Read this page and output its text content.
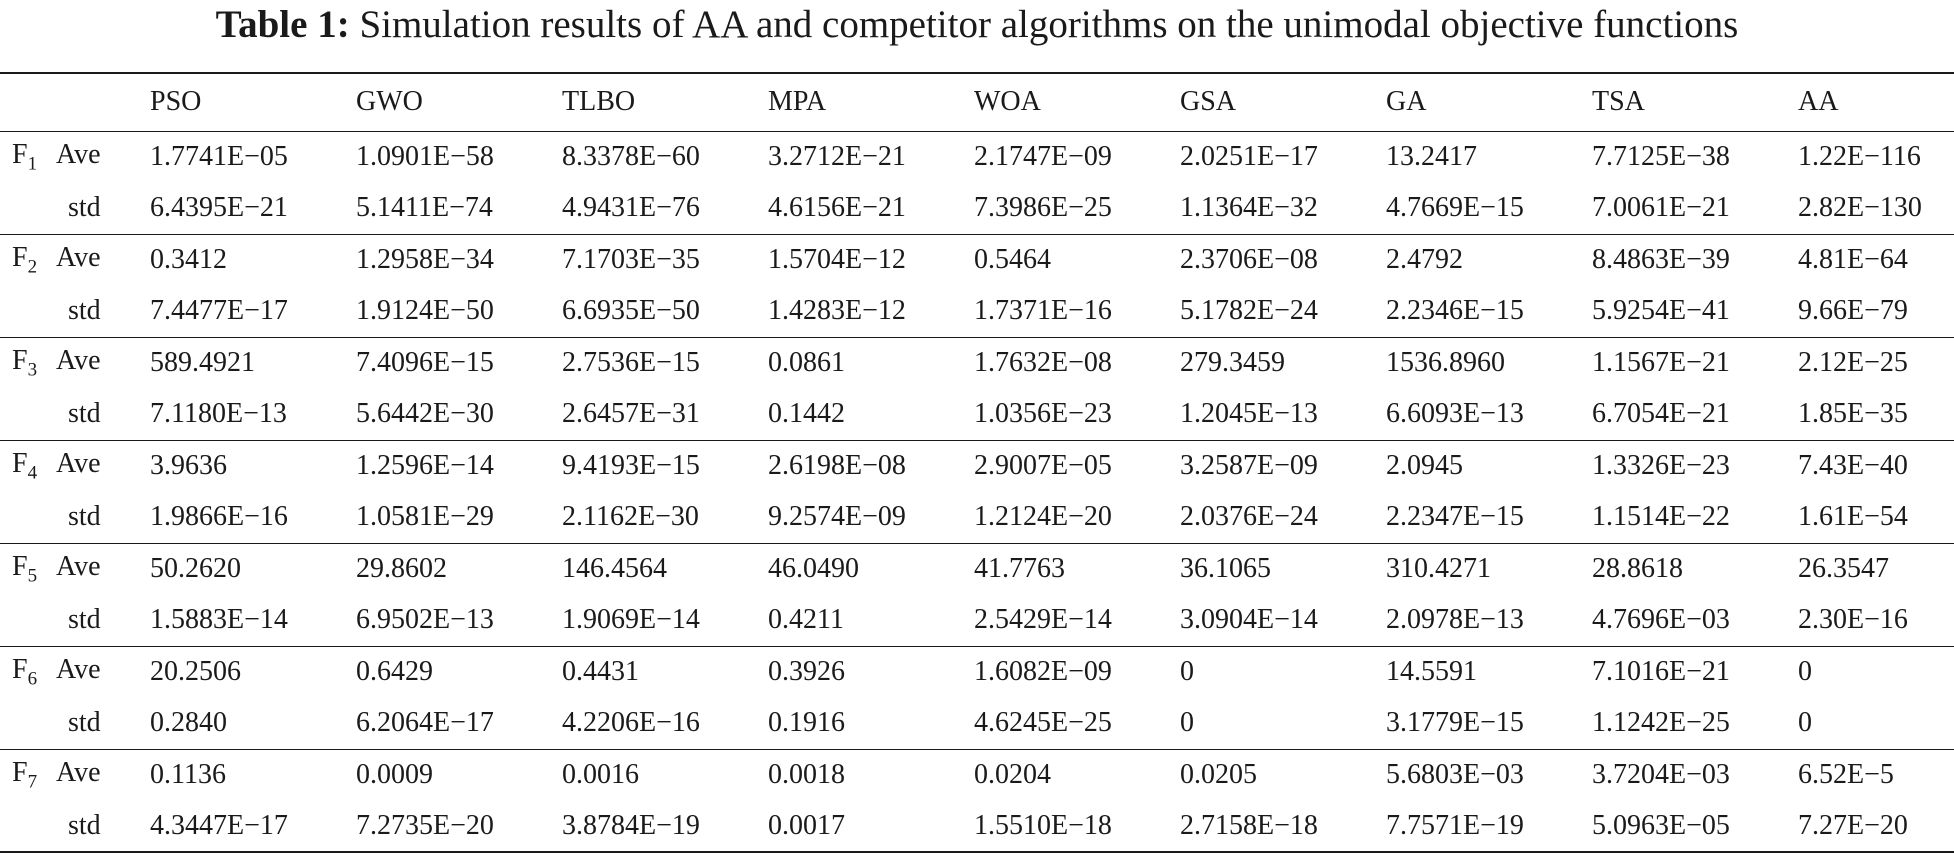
Table 1: Simulation results of AA and competitor algorithms on the unimodal objective functions
	PSO	GWO	TLBO	MPA	WOA	GSA	GA	TSA	AA
$F_1$ Ave	1.7741E−05	1.0901E−58	8.3378E−60	3.2712E−21	2.1747E−09	2.0251E−17	13.2417	7.7125E−38	1.22E−116
std	6.4395E−21	5.1411E−74	4.9431E−76	4.6156E−21	7.3986E−25	1.1364E−32	4.7669E−15	7.0061E−21	2.82E−130
$F_2$ Ave	0.3412	1.2958E−34	7.1703E−35	1.5704E−12	0.5464	2.3706E−08	2.4792	8.4863E−39	4.81E−64
std	7.4477E−17	1.9124E−50	6.6935E−50	1.4283E−12	1.7371E−16	5.1782E−24	2.2346E−15	5.9254E−41	9.66E−79
$F_3$ Ave	589.4921	7.4096E−15	2.7536E−15	0.0861	1.7632E−08	279.3459	1536.8960	1.1567E−21	2.12E−25
std	7.1180E−13	5.6442E−30	2.6457E−31	0.1442	1.0356E−23	1.2045E−13	6.6093E−13	6.7054E−21	1.85E−35
$F_4$ Ave	3.9636	1.2596E−14	9.4193E−15	2.6198E−08	2.9007E−05	3.2587E−09	2.0945	1.3326E−23	7.43E−40
std	1.9866E−16	1.0581E−29	2.1162E−30	9.2574E−09	1.2124E−20	2.0376E−24	2.2347E−15	1.1514E−22	1.61E−54
$F_5$ Ave	50.2620	29.8602	146.4564	46.0490	41.7763	36.1065	310.4271	28.8618	26.3547
std	1.5883E−14	6.9502E−13	1.9069E−14	0.4211	2.5429E−14	3.0904E−14	2.0978E−13	4.7696E−03	2.30E−16
$F_6$ Ave	20.2506	0.6429	0.4431	0.3926	1.6082E−09	0	14.5591	7.1016E−21	0
std	0.2840	6.2064E−17	4.2206E−16	0.1916	4.6245E−25	0	3.1779E−15	1.1242E−25	0
$F_7$ Ave	0.1136	0.0009	0.0016	0.0018	0.0204	0.0205	5.6803E−03	3.7204E−03	6.52E−5
std	4.3447E−17	7.2735E−20	3.8784E−19	0.0017	1.5510E−18	2.7158E−18	7.7571E−19	5.0963E−05	7.27E−20
